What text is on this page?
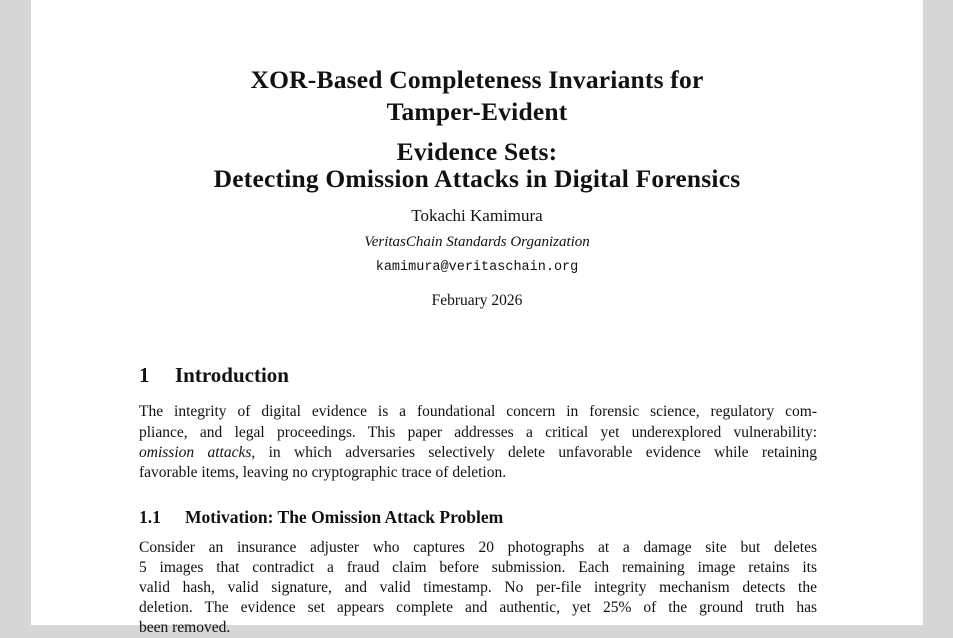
XOR-Based Completeness Invariants for
Tamper-Evident
Evidence Sets:
Detecting Omission Attacks in Digital Forensics
Tokachi Kamimura
VeritasChain Standards Organization
kamimura@veritaschain.org
February 2026
1 Introduction
The integrity of digital evidence is a foundational concern in forensic science, regulatory com-
pliance, and legal proceedings. This paper addresses a critical yet underexplored vulnerability:
omission attacks, in which adversaries selectively delete unfavorable evidence while retaining
favorable items, leaving no cryptographic trace of deletion.
1.1 Motivation: The Omission Attack Problem
Consider an insurance adjuster who captures 20 photographs at a damage site but deletes
5 images that contradict a fraud claim before submission. Each remaining image retains its
valid hash, valid signature, and valid timestamp. No per-file integrity mechanism detects the
deletion. The evidence set appears complete and authentic, yet 25% of the ground truth has
been removed.
